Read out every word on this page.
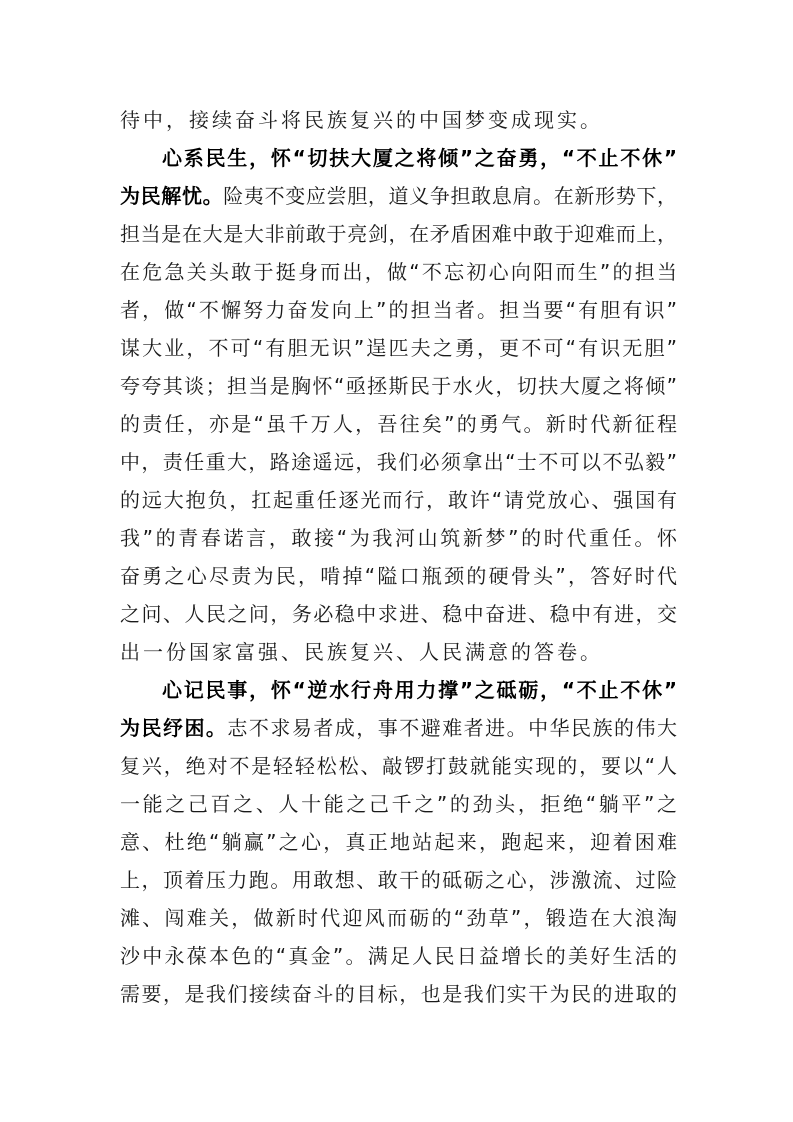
待中，接续奋斗将民族复兴的中国梦变成现实。
心系民生，怀“切扶大厦之将倾”之奋勇，“不止不休”
为民解忧。险夷不变应尝胆，道义争担敢息肩。在新形势下，
担当是在大是大非前敢于亮剑，在矛盾困难中敢于迎难而上，
在危急关头敢于挺身而出，做“不忘初心向阳而生”的担当
者，做“不懈努力奋发向上”的担当者。担当要“有胆有识”
谋大业，不可“有胆无识”逞匹夫之勇，更不可“有识无胆”
夸夸其谈；担当是胸怀“亟拯斯民于水火，切扶大厦之将倾”
的责任，亦是“虽千万人，吾往矣”的勇气。新时代新征程
中，责任重大，路途遥远，我们必须拿出“士不可以不弘毅”
的远大抱负，扛起重任逐光而行，敢许“请党放心、强国有
我”的青春诺言，敢接“为我河山筑新梦”的时代重任。怀
奋勇之心尽责为民，啃掉“隘口瓶颈的硬骨头”，答好时代
之问、人民之问，务必稳中求进、稳中奋进、稳中有进，交
出一份国家富强、民族复兴、人民满意的答卷。
心记民事，怀“逆水行舟用力撑”之砥砺，“不止不休”
为民纾困。志不求易者成，事不避难者进。中华民族的伟大
复兴，绝对不是轻轻松松、敲锣打鼓就能实现的，要以“人
一能之己百之、人十能之己千之”的劲头，拒绝“躺平”之
意、杜绝“躺赢”之心，真正地站起来，跑起来，迎着困难
上，顶着压力跑。用敢想、敢干的砥砺之心，涉激流、过险
滩、闯难关，做新时代迎风而砺的“劲草”，锻造在大浪淘
沙中永葆本色的“真金”。满足人民日益增长的美好生活的
需要，是我们接续奋斗的目标，也是我们实干为民的进取的
